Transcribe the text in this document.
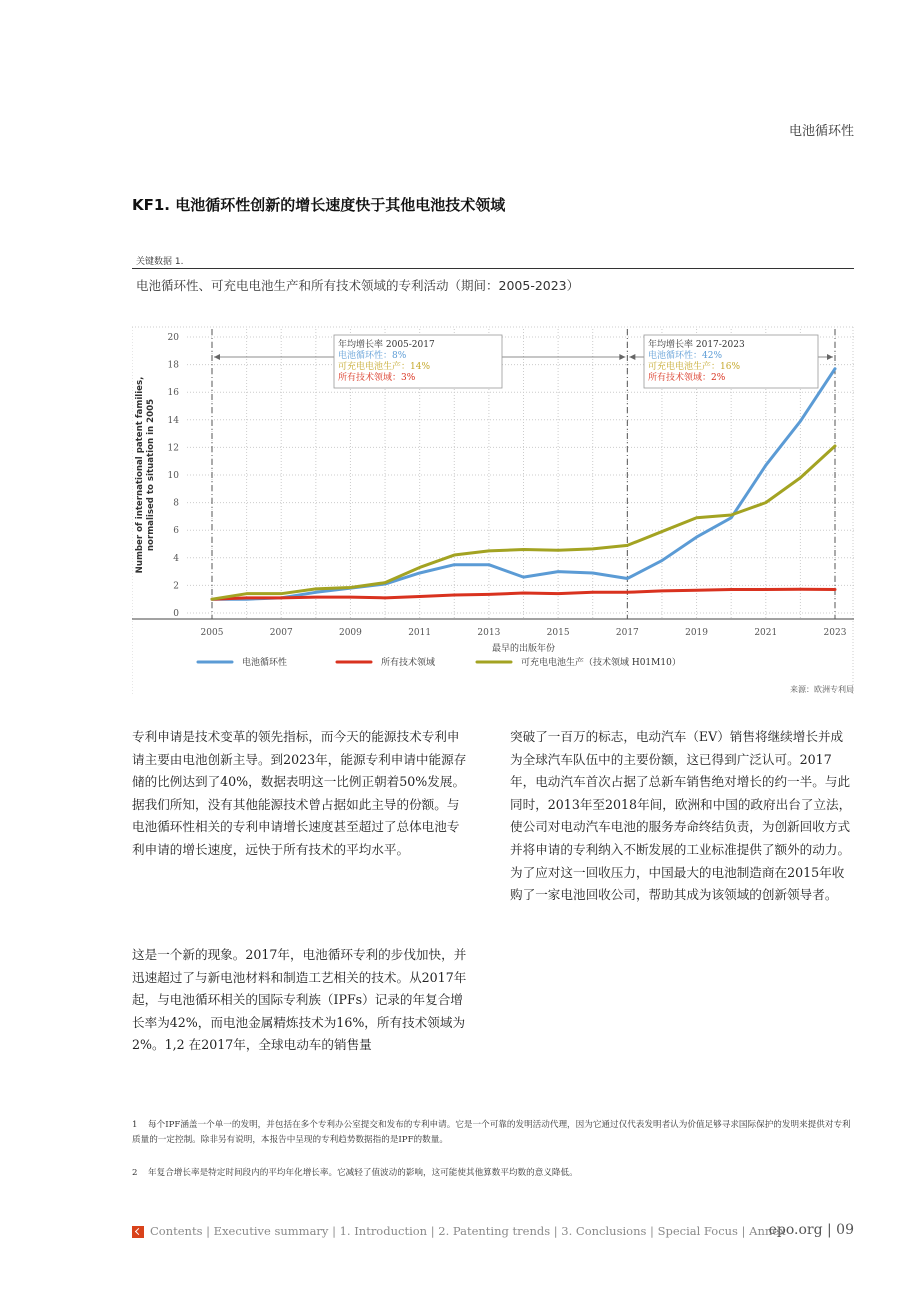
电池循环性
KF1. 电池循环性创新的增长速度快于其他电池技术领域
关键数据 1.
电池循环性、可充电电池生产和所有技术领域的专利活动（期间：2005-2023）
0
2
4
6
8
10
12
14
16
18
20
2005	2007	2009	2011	2013	2015	2017	2019	2021	2023
最早的出版年份
Number of international patent families,normalised to situation in 2005
年均增长率 2005-2017
电池循环性：8%
可充电电池生产：14%
所有技术领域：3%
年均增长率 2017-2023
电池循环性：42%
可充电电池生产：16%
所有技术领域：2%
电池循环性	所有技术领域	可充电电池生产（技术领域 H01M10）
来源：欧洲专利局
专利申请是技术变革的领先指标，而今天的能源技术专利申请主要由电池创新主导。到2023年，能源专利申请中能源存储的比例达到了40%，数据表明这一比例正朝着50%发展。据我们所知，没有其他能源技术曾占据如此主导的份额。与电池循环性相关的专利申请增长速度甚至超过了总体电池专利申请的增长速度，远快于所有技术的平均水平。
这是一个新的现象。2017年，电池循环专利的步伐加快，并迅速超过了与新电池材料和制造工艺相关的技术。从2017年起，与电池循环相关的国际专利族（IPFs）记录的年复合增长率为42%，而电池金属精炼技术为16%，所有技术领域为2%。1,2 在2017年，全球电动车的销售量
突破了一百万的标志，电动汽车（EV）销售将继续增长并成为全球汽车队伍中的主要份额，这已得到广泛认可。2017年，电动汽车首次占据了总新车销售绝对增长的约一半。与此同时，2013年至2018年间，欧洲和中国的政府出台了立法，使公司对电动汽车电池的服务寿命终结负责，为创新回收方式并将申请的专利纳入不断发展的工业标准提供了额外的动力。为了应对这一回收压力，中国最大的电池制造商在2015年收购了一家电池回收公司，帮助其成为该领域的创新领导者。
1 每个IPF涵盖一个单一的发明，并包括在多个专利办公室提交和发布的专利申请。它是一个可靠的发明活动代理，因为它通过仅代表发明者认为价值足够寻求国际保护的发明来提供对专利质量的一定控制。除非另有说明，本报告中呈现的专利趋势数据指的是IPF的数量。
2 年复合增长率是特定时间段内的平均年化增长率。它减轻了值波动的影响，这可能使其他算数平均数的意义降低。
Contents | Executive summary | 1. Introduction | 2. Patenting trends | 3. Conclusions | Special Focus | Annex
epo.org | 09
